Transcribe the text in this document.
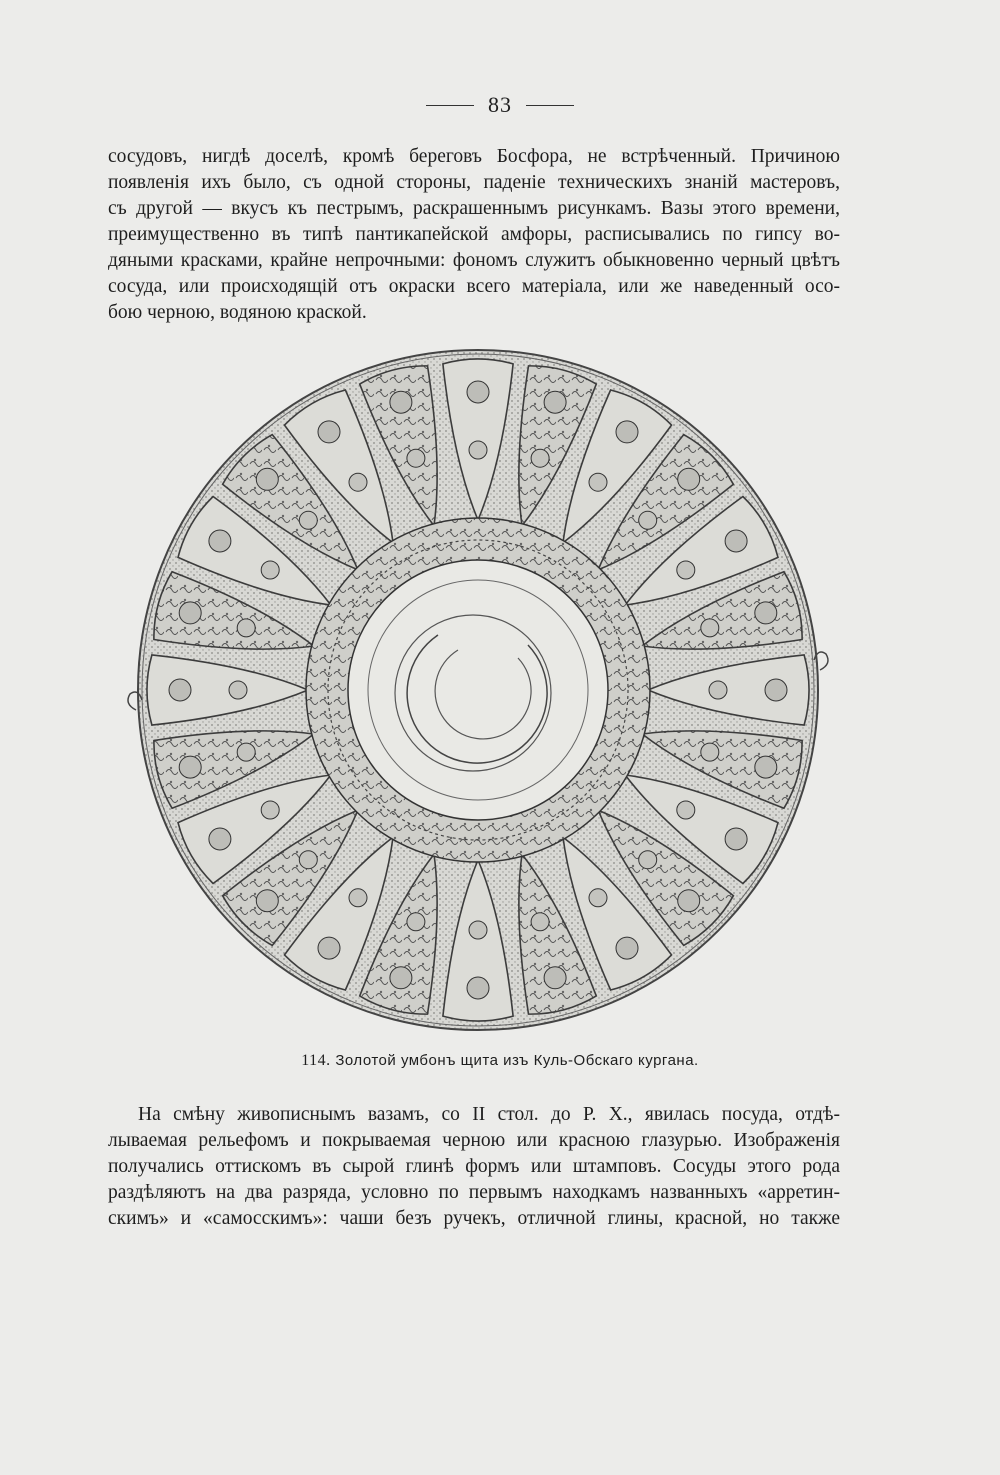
83

сосудовъ, нигдѣ доселѣ, кромѣ береговъ Босфора, не встрѣченный. Причиною
появленія ихъ было, съ одной стороны, паденіе техническихъ знаній мастеровъ,
съ другой — вкусъ къ пестрымъ, раскрашеннымъ рисункамъ. Вазы этого времени,
преимущественно въ типѣ пантикапейской амфоры, расписывались по гипсу во-
дяными красками, крайне непрочными: фономъ служитъ обыкновенно черный цвѣтъ
сосуда, или происходящій отъ окраски всего матеріала, или же наведенный осо-
бою черною, водяною краской.

114. Золотой умбонъ щита изъ Куль-Обскаго кургана.

На смѣну живописнымъ вазамъ, со II стол. до Р. Х., явилась посуда, отдѣ-
лываемая рельефомъ и покрываемая черною или красною глазурью. Изображенія
получались оттискомъ въ сырой глинѣ формъ или штамповъ. Сосуды этого рода
раздѣляютъ на два разряда, условно по первымъ находкамъ названныхъ «арретин-
скимъ» и «самосскимъ»: чаши безъ ручекъ, отличной глины, красной, но также
